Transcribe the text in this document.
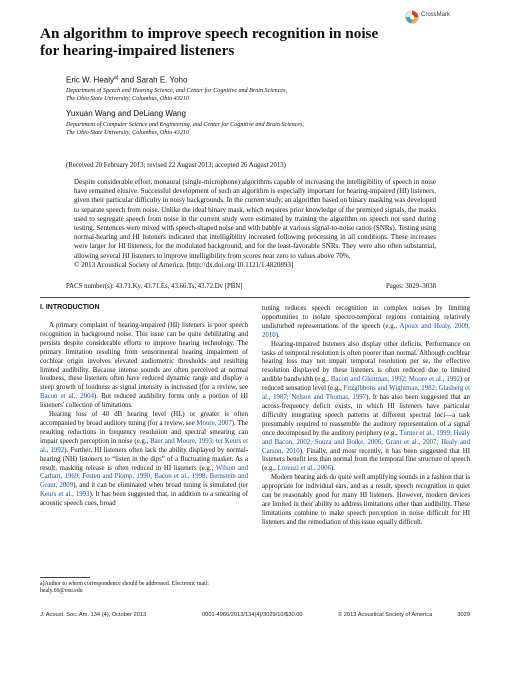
CrossMark
An algorithm to improve speech recognition in noise for hearing-impaired listeners
Eric W. Healy$^{a)}$ and Sarah E. Yoho
Department of Speech and Hearing Science, and Center for Cognitive and Brain Sciences,
The Ohio State University, Columbus, Ohio 43210
Yuxuan Wang and DeLiang Wang
Department of Computer Science and Engineering, and Center for Cognitive and Brain Sciences,
The Ohio State University, Columbus, Ohio 43210
(Received 20 February 2013; revised 22 August 2013; accepted 26 August 2013)
Despite considerable effort, monaural (single-microphone) algorithms capable of increasing the intelligibility of speech in noise have remained elusive. Successful development of such an algorithm is especially important for hearing-impaired (HI) listeners, given their particular difficulty in noisy backgrounds. In the current study, an algorithm based on binary masking was developed to separate speech from noise. Unlike the ideal binary mask, which requires prior knowledge of the premixed signals, the masks used to segregate speech from noise in the current study were estimated by training the algorithm on speech not used during testing. Sentences were mixed with speech-shaped noise and with babble at various signal-to-noise ratios (SNRs). Testing using normal-hearing and HI listeners indicated that intelligibility increased following processing in all conditions. These increases were larger for HI listeners, for the modulated background, and for the least-favorable SNRs. They were also often substantial, allowing several HI listeners to improve intelligibility from scores near zero to values above 70%.
© 2013 Acoustical Society of America. [http://dx.doi.org/10.1121/1.4820893]
PACS number(s): 43.71.Ky, 43.71.Es, 43.66.Ts, 43.72.Dv [PBN]	Pages: 3029–3038
I. INTRODUCTION

A primary complaint of hearing-impaired (HI) listeners is poor speech recognition in background noise. This issue can be quite debilitating and persists despite considerable efforts to improve hearing technology. The primary limitation resulting from sensorineural hearing impairment of cochlear origin involves elevated audiometric thresholds and resulting limited audibility. Because intense sounds are often perceived at normal loudness, these listeners often have reduced dynamic range and display a steep growth of loudness as signal intensity is increased (for a review, see Bacon et al., 2004). But reduced audibility forms only a portion of HI listeners' collection of limitations.

Hearing loss of 40 dB hearing level (HL) or greater is often accompanied by broad auditory tuning (for a review, see Moore, 2007). The resulting reductions in frequency resolution and spectral smearing can impair speech perception in noise (e.g., Baer and Moore, 1993; ter Keurs et al., 1992). Further, HI listeners often lack the ability displayed by normal-hearing (NH) listeners to “listen in the dips” of a fluctuating masker. As a result, masking release is often reduced in HI listeners (e.g., Wilson and Carhart, 1969; Festen and Plomp, 1990; Bacon et al., 1998; Bernstein and Grant, 2009), and it can be eliminated when broad tuning is simulated (ter Keurs et al., 1993). It has been suggested that, in addition to a smearing of acoustic speech cues, broad

tuning reduces speech recognition in complex noises by limiting opportunities to isolate spectro-temporal regions containing relatively undisturbed representations of the speech (e.g., Apoux and Healy, 2009, 2010).

Hearing-impaired listeners also display other deficits. Performance on tasks of temporal resolution is often poorer than normal. Although cochlear hearing loss may not impair temporal resolution per se, the effective resolution displayed by these listeners is often reduced due to limited audible bandwidth (e.g., Bacon and Gleitman, 1992; Moore et al., 1992) or reduced sensation level (e.g., Fitzgibbons and Wightman, 1982; Glasberg et al., 1987; Nelson and Thomas, 1997). It has also been suggested that an across-frequency deficit exists, in which HI listeners have particular difficulty integrating speech patterns at different spectral loci—a task presumably required to reassemble the auditory representation of a signal once decomposed by the auditory periphery (e.g., Turner et al., 1999; Healy and Bacon, 2002; Souza and Boike, 2006; Grant et al., 2007; Healy and Carson, 2010). Finally, and most recently, it has been suggested that HI listeners benefit less than normal from the temporal fine structure of speech (e.g., Lorenzi et al., 2006).

Modern hearing aids do quite well amplifying sounds in a fashion that is appropriate for individual ears, and as a result, speech recognition in quiet can be reasonably good for many HI listeners. However, modern devices are limited in their ability to address limitations other than audibility. These limitations combine to make speech perception in noise difficult for HI listeners and the remediation of this issue equally difficult.

a)Author to whom correspondence should be addressed. Electronic mail: healy.66@osu.edu
J. Acoust. Soc. Am. 134 (4), October 2013	0001-4966/2013/134(4)/3029/10/$30.00	© 2013 Acoustical Society of America	3029
